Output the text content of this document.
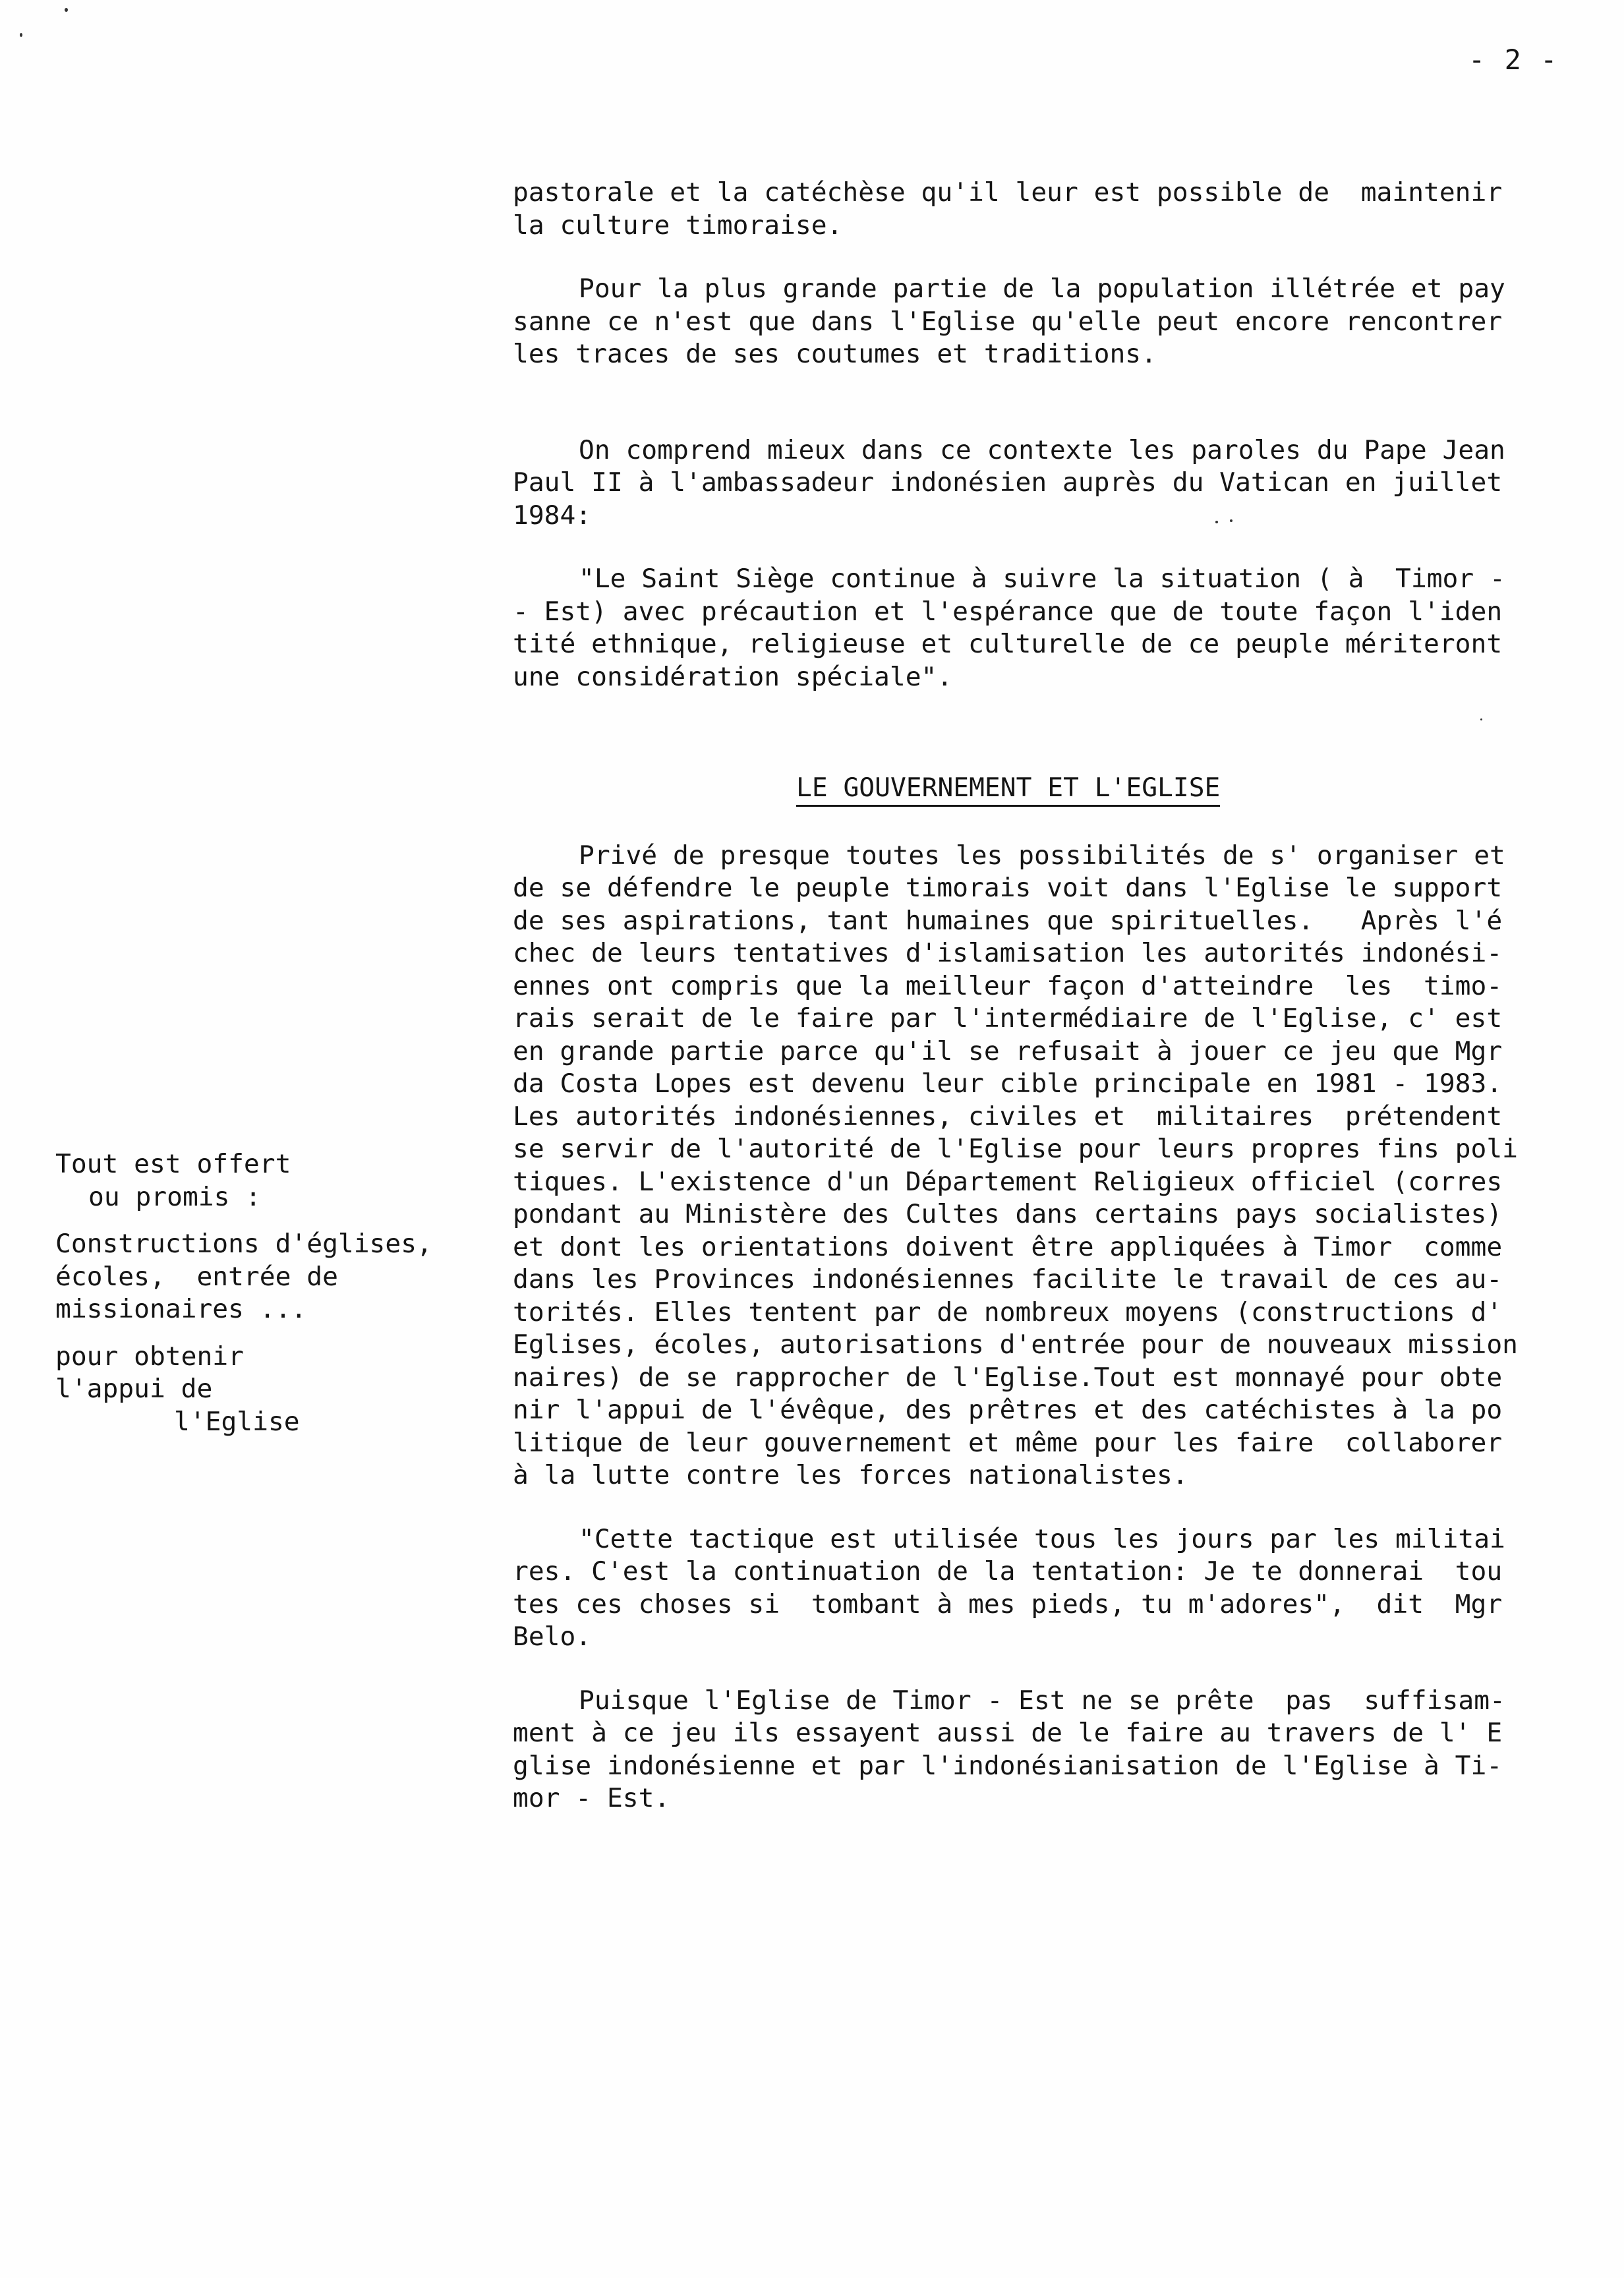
- 2 -
pastorale et la catéchèse qu'il leur est possible de  maintenir
la culture timoraise.
Pour la plus grande partie de la population illétrée et pay
sanne ce n'est que dans l'Eglise qu'elle peut encore rencontrer
les traces de ses coutumes et traditions.
On comprend mieux dans ce contexte les paroles du Pape Jean
Paul II à l'ambassadeur indonésien auprès du Vatican en juillet
1984:
"Le Saint Siège continue à suivre la situation ( à  Timor -
- Est) avec précaution et l'espérance que de toute façon l'iden
tité ethnique, religieuse et culturelle de ce peuple mériteront
une considération spéciale".
LE GOUVERNEMENT ET L'EGLISE
Privé de presque toutes les possibilités de s' organiser et
de se défendre le peuple timorais voit dans l'Eglise le support
de ses aspirations, tant humaines que spirituelles.   Après l'é
chec de leurs tentatives d'islamisation les autorités indonési-
ennes ont compris que la meilleur façon d'atteindre  les  timo-
rais serait de le faire par l'intermédiaire de l'Eglise, c' est
en grande partie parce qu'il se refusait à jouer ce jeu que Mgr
da Costa Lopes est devenu leur cible principale en 1981 - 1983.
Les autorités indonésiennes, civiles et  militaires  prétendent
se servir de l'autorité de l'Eglise pour leurs propres fins poli
tiques. L'existence d'un Département Religieux officiel (corres
pondant au Ministère des Cultes dans certains pays socialistes)
et dont les orientations doivent être appliquées à Timor  comme
dans les Provinces indonésiennes facilite le travail de ces au-
torités. Elles tentent par de nombreux moyens (constructions d'
Eglises, écoles, autorisations d'entrée pour de nouveaux mission
naires) de se rapprocher de l'Eglise.Tout est monnayé pour obte
nir l'appui de l'évêque, des prêtres et des catéchistes à la po
litique de leur gouvernement et même pour les faire  collaborer
à la lutte contre les forces nationalistes.
"Cette tactique est utilisée tous les jours par les militai
res. C'est la continuation de la tentation: Je te donnerai  tou
tes ces choses si  tombant à mes pieds, tu m'adores",  dit  Mgr
Belo.
Puisque l'Eglise de Timor - Est ne se prête  pas  suffisam-
ment à ce jeu ils essayent aussi de le faire au travers de l' E
glise indonésienne et par l'indonésianisation de l'Eglise à Ti-
mor - Est.
Tout est offert
ou promis :
Constructions d'églises,
écoles,  entrée de
missionaires ...
pour obtenir
l'appui de
l'Eglise
